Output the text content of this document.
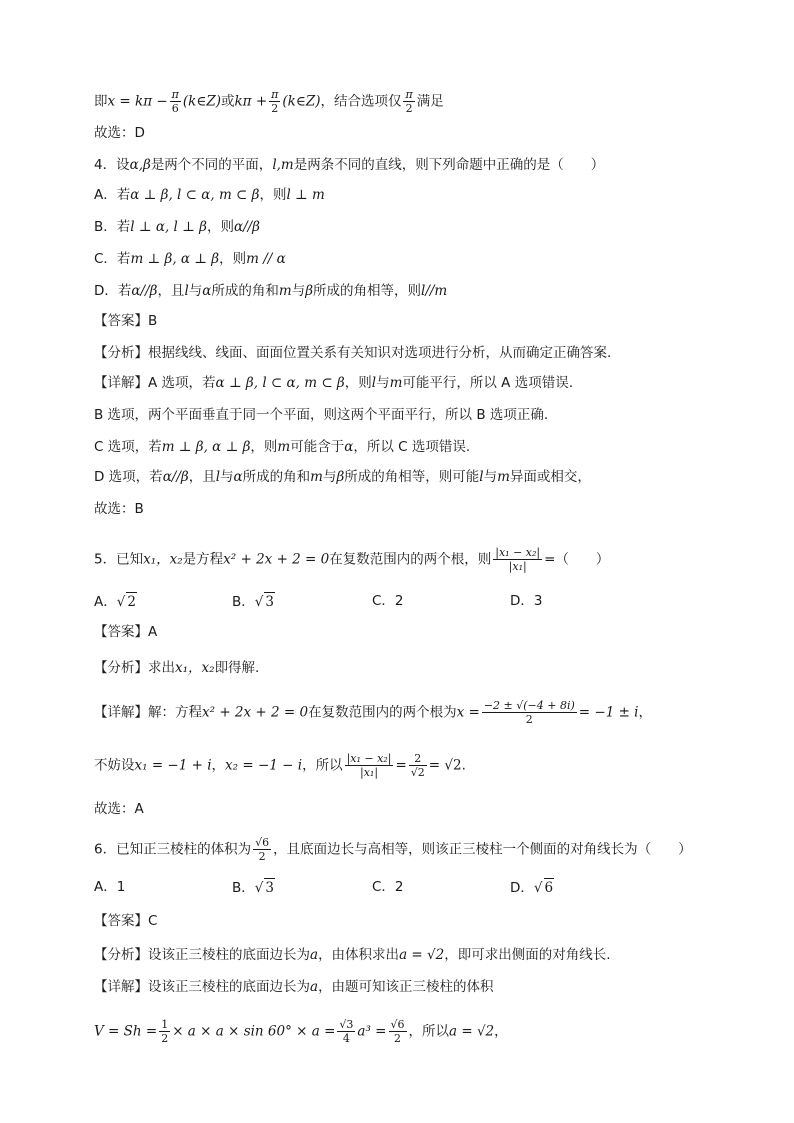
即$x = k\pi - \frac{\pi}{6}$ (k∈Z)或$k\pi + \frac{\pi}{2}$ (k∈Z)，结合选项仅 $\frac{\pi}{2}$ 满足
故选：D
4．设α,β是两个不同的平面，l,m是两条不同的直线，则下列命题中正确的是（　　）
A．若α ⊥ β, l ⊂ α, m ⊂ β，则l ⊥ m
B．若l ⊥ α, l ⊥ β，则α//β
C．若m ⊥ β, α ⊥ β，则m // α
D．若α//β，且l与α所成的角和m与β所成的角相等，则l//m
【答案】B
【分析】根据线线、线面、面面位置关系有关知识对选项进行分析，从而确定正确答案.
【详解】A 选项，若α ⊥ β, l ⊂ α, m ⊂ β，则l与m可能平行，所以 A 选项错误.
B 选项，两个平面垂直于同一个平面，则这两个平面平行，所以 B 选项正确.
C 选项，若m ⊥ β, α ⊥ β，则m可能含于α，所以 C 选项错误.
D 选项，若α//β，且l与α所成的角和m与β所成的角相等，则可能l与m异面或相交，
故选：B
5．已知x₁，x₂是方程x² + 2x + 2 = 0在复数范围内的两个根，则 $\frac{\text{|x₁ − x₂|}}{\text{|x₁|}}$ =（　　）
A．√ 2	B．√ 3	C．2	D．3
【答案】A
【分析】求出x₁，x₂即得解.
【详解】解：方程x² + 2x + 2 = 0在复数范围内的两个根为$x = \frac{-2 \pm √(-4 + 8i)}{2} = -1 \pm i$，
不妨设x₁ = −1 + i，x₂ = −1 − i，所以 $\frac{\text{|x₁ − x₂|}}{\text{|x₁|}} = \frac{2}{√2} = √2$.
故选：A
6．已知正三棱柱的体积为 $\frac{√6}{2}$ ，且底面边长与高相等，则该正三棱柱一个侧面的对角线长为（　　）
A．1	B．√ 3	C．2	D．√ 6
【答案】C
【分析】设该正三棱柱的底面边长为a，由体积求出a = √2，即可求出侧面的对角线长.
【详解】设该正三棱柱的底面边长为a，由题可知该正三棱柱的体积
$V = Sh = \frac{1}{2} \times a \times a \times \sin 60^\circ \times a = \frac{√3}{4} a^3 = \frac{√6}{2}$ ，所以a = √2，
